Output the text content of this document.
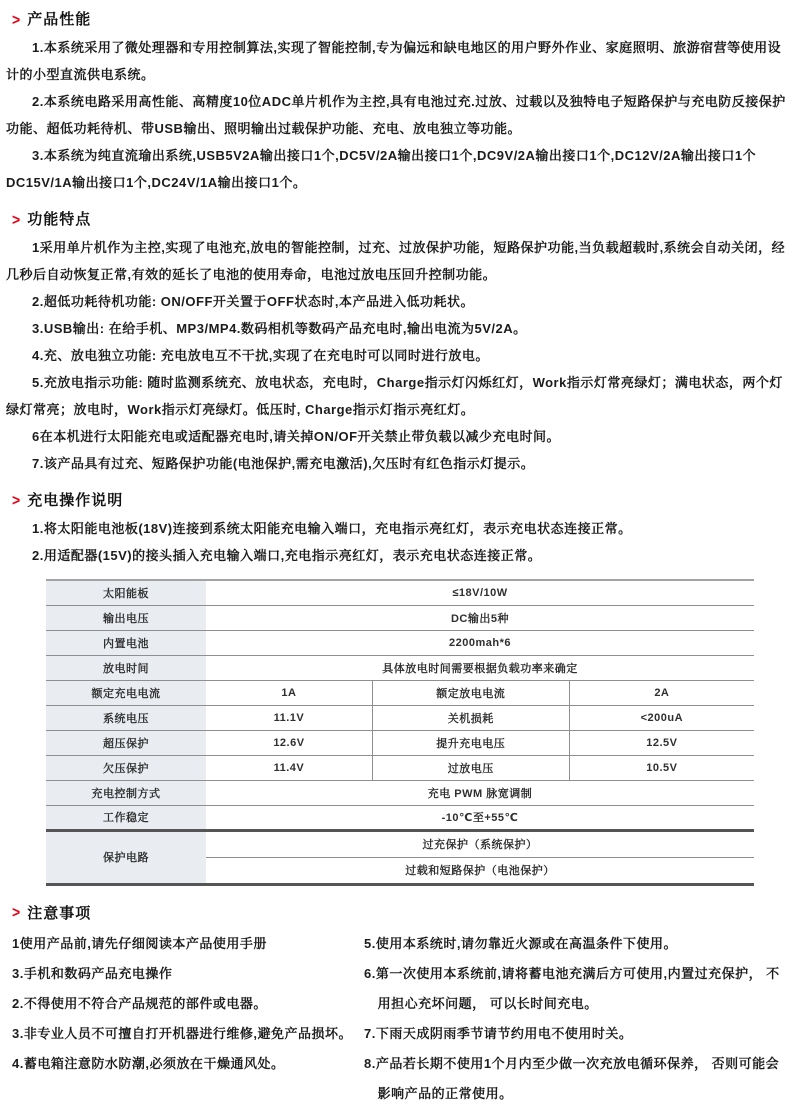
> 产品性能

1.本系统采用了微处理器和专用控制算法,实现了智能控制,专为偏远和缺电地区的用户野外作业、家庭照明、旅游宿营等使用设计的小型直流供电系统。

2.本系统电路采用高性能、高精度10位ADC单片机作为主控,具有电池过充.过放、过载以及独特电子短路保护与充电防反接保护功能、超低功耗待机、带USB输出、照明输出过载保护功能、充电、放电独立等功能。

3.本系统为纯直流瑜出系统,USB5V2A输出接口1个,DC5V/2A输出接口1个,DC9V/2A输出接口1个,DC12V/2A输出接口1个DC15V/1A输出接口1个,DC24V/1A输出接口1个。

> 功能特点

1采用单片机作为主控,实现了电池充,放电的智能控制，过充、过放保护功能，短路保护功能,当负载超载时,系统会自动关闭，经几秒后自动恢复正常,有效的延长了电池的使用寿命，电池过放电压回升控制功能。

2.超低功耗待机功能: ON/OFF开关置于OFF状态时,本产品进入低功耗状。

3.USB输出: 在给手机、MP3/MP4.数码相机等数码产品充电时,输出电流为5V/2A。

4.充、放电独立功能: 充电放电互不干扰,实现了在充电时可以同时进行放电。

5.充放电指示功能: 随时监测系统充、放电状态，充电时，Charge指示灯闪烁红灯，Work指示灯常亮绿灯；满电状态，两个灯绿灯常亮；放电时，Work指示灯亮绿灯。低压时, Charge指示灯指示亮红灯。

6在本机进行太阳能充电或适配器充电时,请关掉ON/OF开关禁止带负载以减少充电时间。

7.该产品具有过充、短路保护功能(电池保护,需充电激活),欠压时有红色指示灯提示。

> 充电操作说明

1.将太阳能电池板(18V)连接到系统太阳能充电输入端口，充电指示亮红灯，表示充电状态连接正常。

2.用适配器(15V)的接头插入充电输入端口,充电指示亮红灯，表示充电状态连接正常。

太阳能板	≤18V/10W		
输出电压	DC输出5种		
内置电池	2200mah*6		
放电时间	具体放电时间需要根据负载功率来确定		
额定充电电流	1A	额定放电电流	2A
系统电压	11.1V	关机损耗	<200uA
超压保护	12.6V	提升充电电压	12.5V
欠压保护	11.4V	过放电压	10.5V
充电控制方式	充电 PWM 脉宽调制		
工作稳定	-10℃至+55℃		
保护电路	过充保护（系统保护）		
	过载和短路保护（电池保护）		
> 注意事项

1使用产品前,请先仔细阅读本产品使用手册

3.手机和数码产品充电操作

2.不得使用不符合产品规范的部件或电器。

3.非专业人员不可擅自打开机器进行维修,避免产品损坏。

4.蓄电箱注意防水防潮,必须放在干燥通风处。

5.使用本系统时,请勿靠近火源或在高温条件下使用。

6.第一次使用本系统前,请将蓄电池充满后方可使用,内置过充保护， 不用担心充坏问题， 可以长时间充电。

7.下雨天成阴雨季节请节约用电不使用时关。

8.产品若长期不使用1个月内至少做一次充放电循环保养， 否则可能会影响产品的正常使用。
